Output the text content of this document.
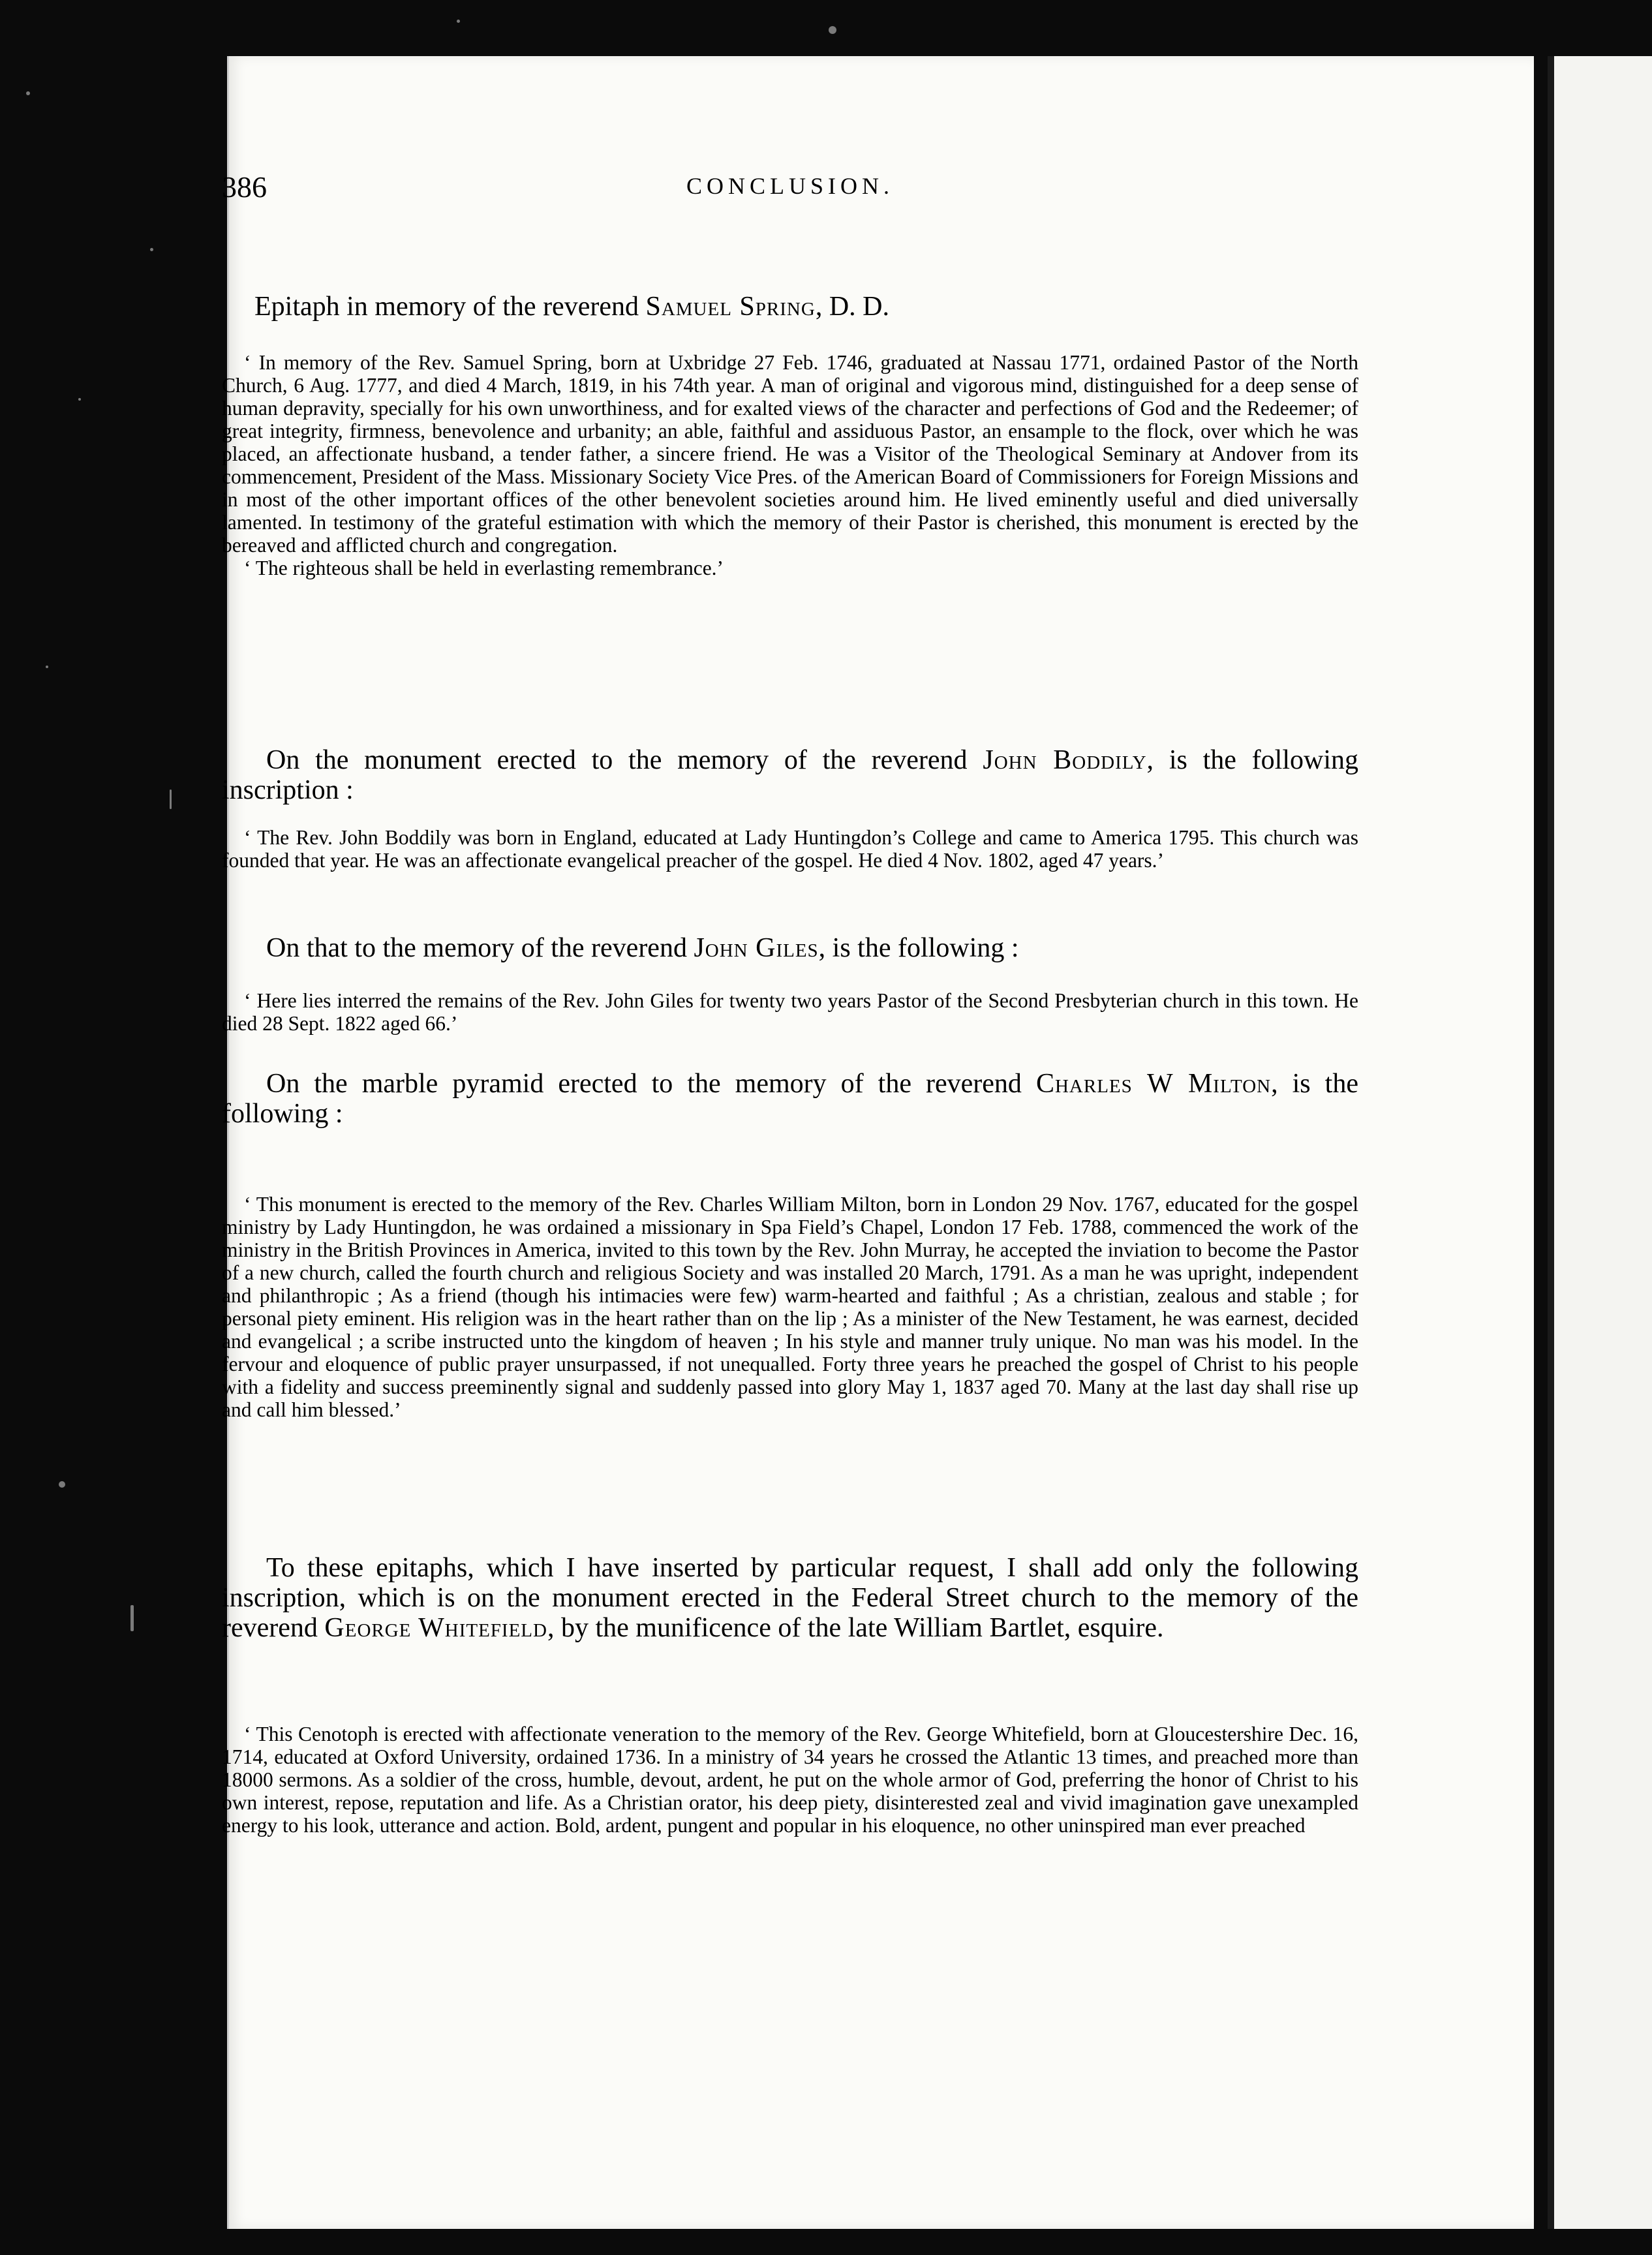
386	CONCLUSION.
Epitaph in memory of the reverend Samuel Spring, D. D.

‘ In memory of the Rev. Samuel Spring, born at Uxbridge 27 Feb. 1746, graduated at Nassau 1771, ordained Pastor of the North Church, 6 Aug. 1777, and died 4 March, 1819, in his 74th year. A man of original and vigorous mind, distinguished for a deep sense of human depravity, specially for his own unworthiness, and for exalted views of the character and perfections of God and the Redeemer; of great integrity, firmness, benevolence and urbanity; an able, faithful and assiduous Pastor, an ensample to the flock, over which he was placed, an affectionate husband, a tender father, a sincere friend. He was a Visitor of the Theological Seminary at Andover from its commencement, President of the Mass. Missionary Society Vice Pres. of the American Board of Commissioners for Foreign Missions and in most of the other important offices of the other benevolent societies around him. He lived eminently useful and died universally lamented. In testimony of the grateful estimation with which the memory of their Pastor is cherished, this monument is erected by the bereaved and afflicted church and congregation.

‘ The righteous shall be held in everlasting remembrance.’

On the monument erected to the memory of the reverend John Boddily, is the following inscription :
‘ The Rev. John Boddily was born in England, educated at Lady Huntingdon’s College and came to America 1795. This church was founded that year. He was an affectionate evangelical preacher of the gospel. He died 4 Nov. 1802, aged 47 years.’
On that to the memory of the reverend John Giles, is the following :
‘ Here lies interred the remains of the Rev. John Giles for twenty two years Pastor of the Second Presbyterian church in this town. He died 28 Sept. 1822 aged 66.’
On the marble pyramid erected to the memory of the reverend Charles W Milton, is the following :
‘ This monument is erected to the memory of the Rev. Charles William Milton, born in London 29 Nov. 1767, educated for the gospel ministry by Lady Huntingdon, he was ordained a missionary in Spa Field’s Chapel, London 17 Feb. 1788, commenced the work of the ministry in the British Provinces in America, invited to this town by the Rev. John Murray, he accepted the inviation to become the Pastor of a new church, called the fourth church and religious Society and was installed 20 March, 1791. As a man he was upright, independent and philanthropic ; As a friend (though his intimacies were few) warm-hearted and faithful ; As a christian, zealous and stable ; for personal piety eminent. His religion was in the heart rather than on the lip ; As a minister of the New Testament, he was earnest, decided and evangelical ; a scribe instructed unto the kingdom of heaven ; In his style and manner truly unique. No man was his model. In the fervour and eloquence of public prayer unsurpassed, if not unequalled. Forty three years he preached the gospel of Christ to his people with a fidelity and success preeminently signal and suddenly passed into glory May 1, 1837 aged 70. Many at the last day shall rise up and call him blessed.’
To these epitaphs, which I have inserted by particular request, I shall add only the following inscription, which is on the monument erected in the Federal Street church to the memory of the reverend George Whitefield, by the munificence of the late William Bartlet, esquire.
‘ This Cenotoph is erected with affectionate veneration to the memory of the Rev. George Whitefield, born at Gloucestershire Dec. 16, 1714, educated at Oxford University, ordained 1736. In a ministry of 34 years he crossed the Atlantic 13 times, and preached more than 18000 sermons. As a soldier of the cross, humble, devout, ardent, he put on the whole armor of God, preferring the honor of Christ to his own interest, repose, reputation and life. As a Christian orator, his deep piety, disinterested zeal and vivid imagination gave unexampled energy to his look, utterance and action. Bold, ardent, pungent and popular in his eloquence, no other uninspired man ever preached
